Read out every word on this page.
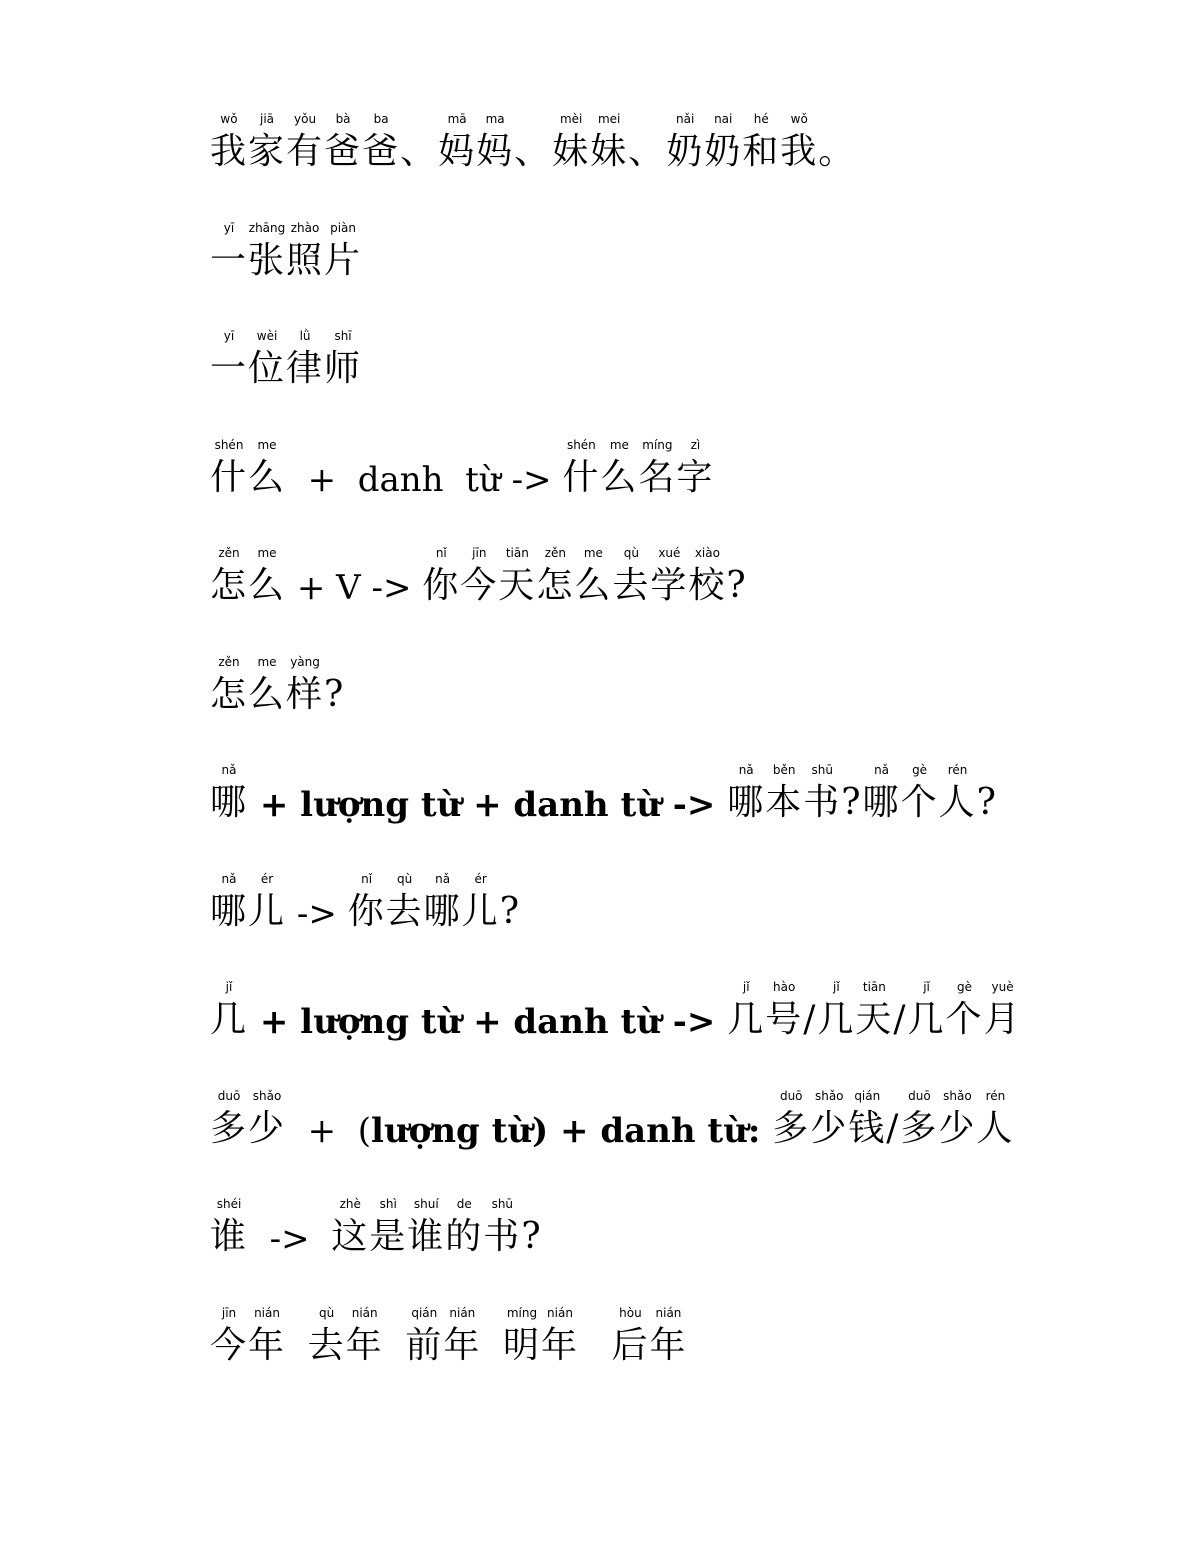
我wǒ家jiā有yǒu爸bà爸ba、 妈mā妈ma、 妹mèi妹mei、 奶nǎi奶nai和hé我wǒ。
一yī张zhāng照zhào片piàn
一yī位wèi律lǜ师shī
什shén么me  +  danh  từ -> 什shén么me名míng字zì
怎zěn么me + V -> 你nǐ今jīn天tiān怎zěn么me去qù学xué校xiào?
怎zěn么me样yàng?
哪nǎ + lượng từ + danh từ -> 哪nǎ本běn书shū? 哪nǎ个gè人rén?
哪nǎ儿ér -> 你nǐ去qù哪nǎ儿ér?
几jǐ + lượng từ + danh từ -> 几jǐ号hào/ 几jǐ天tiān/ 几jǐ个gè月yuè
多duō少shǎo  +  (lượng từ) + danh từ: 多duō少shǎo钱qián/ 多duō少shǎo人rén
谁shéi  ->  这zhè是shì谁shuí的de书shū?
今jīn年nián  去qù年nián  前qián年nián  明míng年nián   后hòu年nián
